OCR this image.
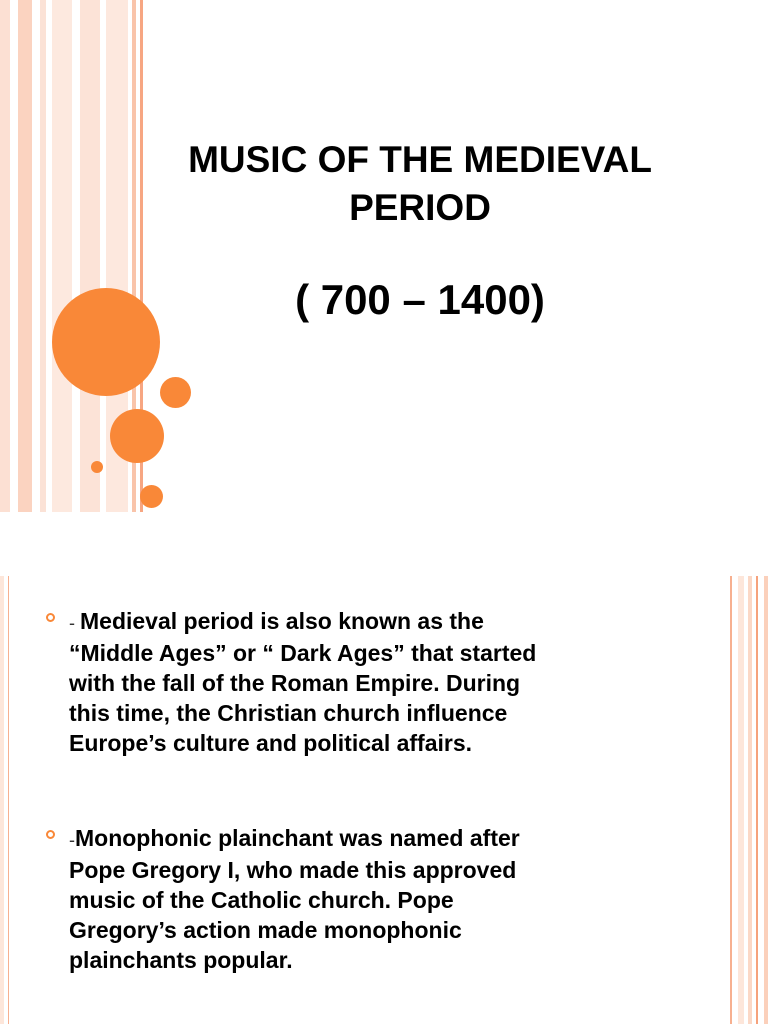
MUSIC OF THE MEDIEVAL
PERIOD
( 700 – 1400)
- Medieval period is also known as the
“Middle Ages” or “ Dark Ages” that started
with the fall of the Roman Empire. During
this time, the Christian church influence
Europe’s culture and political affairs.
-Monophonic plainchant was named after
Pope Gregory I, who made this approved
music of the Catholic church. Pope
Gregory’s action made monophonic
plainchants popular.
